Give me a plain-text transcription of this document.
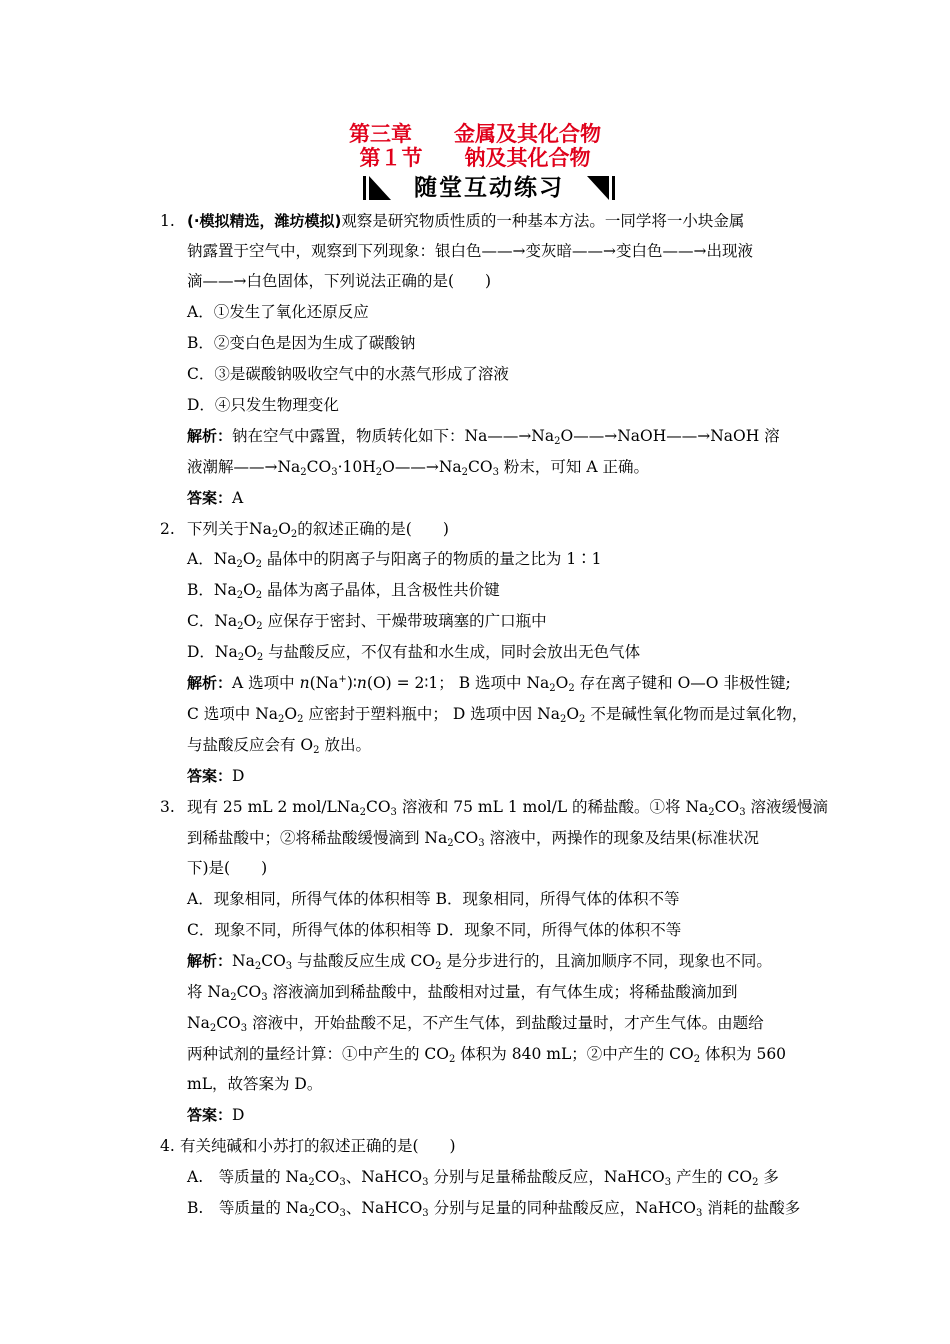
第三章　　金属及其化合物
第１节　　钠及其化合物
随堂互动练习
1. (·模拟精选，潍坊模拟)观察是研究物质性质的一种基本方法。一同学将一小块金属
钠露置于空气中，观察到下列现象：银白色——→变灰暗——→变白色——→出现液
滴——→白色固体，下列说法正确的是(　　)
A．①发生了氧化还原反应
B．②变白色是因为生成了碳酸钠
C．③是碳酸钠吸收空气中的水蒸气形成了溶液
D．④只发生物理变化
解析：钠在空气中露置，物质转化如下：$Na——\to Na_2O——\to NaOH——\to NaOH$ 溶
液潮解$——\to Na_2CO_3\cdot 10H_2O——\to Na_2CO_3$ 粉末，可知 A 正确。
答案：A
2. 下列关于$Na_2O_2$的叙述正确的是(　　)
A．$Na_2O_2$ 晶体中的阴离子与阳离子的物质的量之比为 1∶1
B．$Na_2O_2$ 晶体为离子晶体，且含极性共价键
C．$Na_2O_2$ 应保存于密封、干燥带玻璃塞的广口瓶中
D．$Na_2O_2$ 与盐酸反应，不仅有盐和水生成，同时会放出无色气体
解析：A 选项中 n(Na+)∶n(O) = 2∶1； B 选项中 $Na_2O_2$ 存在离子键和 O—O 非极性键;
C 选项中 $Na_2O_2$ 应密封于塑料瓶中； D 选项中因 $Na_2O_2$ 不是碱性氧化物而是过氧化物，
与盐酸反应会有 $O_2$ 放出。
答案：D
3. 现有 25 mL 2 mol/$LNa_2CO_3$ 溶液和 75 mL 1 mol/L 的稀盐酸。①将 $Na_2CO_3$ 溶液缓慢滴
到稀盐酸中；②将稀盐酸缓慢滴到 $Na_2CO_3$ 溶液中，两操作的现象及结果(标准状况
下)是(　　)
A．现象相同，所得气体的体积相等 B．现象相同，所得气体的体积不等
C．现象不同，所得气体的体积相等 D．现象不同，所得气体的体积不等
解析：$Na_2CO_3$ 与盐酸反应生成 $CO_2$ 是分步进行的，且滴加顺序不同，现象也不同。
将 $Na_2CO_3$ 溶液滴加到稀盐酸中，盐酸相对过量，有气体生成；将稀盐酸滴加到
$Na_2CO_3$ 溶液中，开始盐酸不足，不产生气体，到盐酸过量时，才产生气体。由题给
两种试剂的量经计算：①中产生的 $CO_2$ 体积为 840 mL；②中产生的 $CO_2$ 体积为 560
mL，故答案为 D。
答案：D
4. 有关纯碱和小苏打的叙述正确的是(　　)
A.　等质量的 $Na_2CO_3$、NaHCO$_3$ 分别与足量稀盐酸反应，NaHCO$_3$ 产生的 $CO_2$ 多
B.　等质量的 $Na_2CO_3$、NaHCO$_3$ 分别与足量的同种盐酸反应，NaHCO$_3$ 消耗的盐酸多
